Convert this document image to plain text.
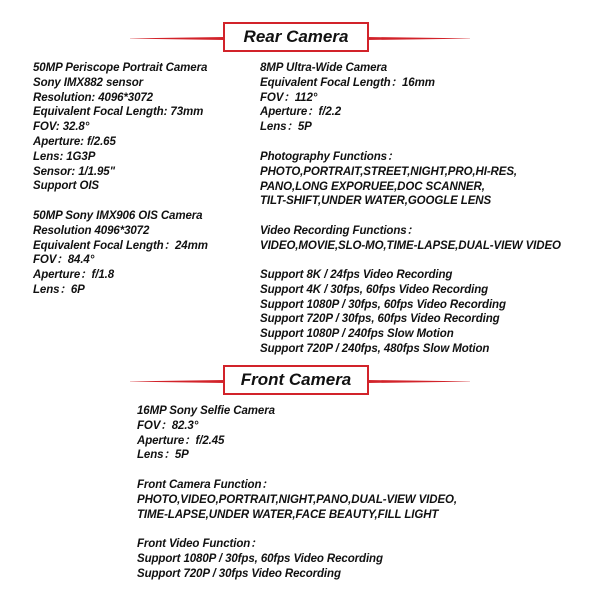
Rear Camera
50MP Periscope Portrait Camera
Sony IMX882 sensor
Resolution: 4096*3072
Equivalent Focal Length: 73mm
FOV: 32.8°
Aperture: f/2.65
Lens: 1G3P
Sensor: 1/1.95"
Support OIS
50MP Sony IMX906 OIS Camera
Resolution 4096*3072
Equivalent Focal Length：24mm
FOV：84.4°
Aperture：f/1.8
Lens：6P
8MP Ultra-Wide Camera
Equivalent Focal Length：16mm
FOV：112°
Aperture：f/2.2
Lens：5P
Photography Functions：
PHOTO,PORTRAIT,STREET,NIGHT,PRO,HI-RES,
PANO,LONG EXPORUEE,DOC SCANNER,
TILT-SHIFT,UNDER WATER,GOOGLE LENS
Video Recording Functions：
VIDEO,MOVIE,SLO-MO,TIME-LAPSE,DUAL-VIEW VIDEO
Support 8K / 24fps Video Recording
Support 4K / 30fps, 60fps Video Recording
Support 1080P / 30fps, 60fps Video Recording
Support 720P / 30fps, 60fps Video Recording
Support 1080P / 240fps Slow Motion
Support 720P / 240fps, 480fps Slow Motion
Front Camera
16MP Sony Selfie Camera
FOV：82.3°
Aperture：f/2.45
Lens：5P
Front Camera Function：
PHOTO,VIDEO,PORTRAIT,NIGHT,PANO,DUAL-VIEW VIDEO,
TIME-LAPSE,UNDER WATER,FACE BEAUTY,FILL LIGHT
Front Video Function：
Support 1080P / 30fps, 60fps Video Recording
Support 720P / 30fps Video Recording
